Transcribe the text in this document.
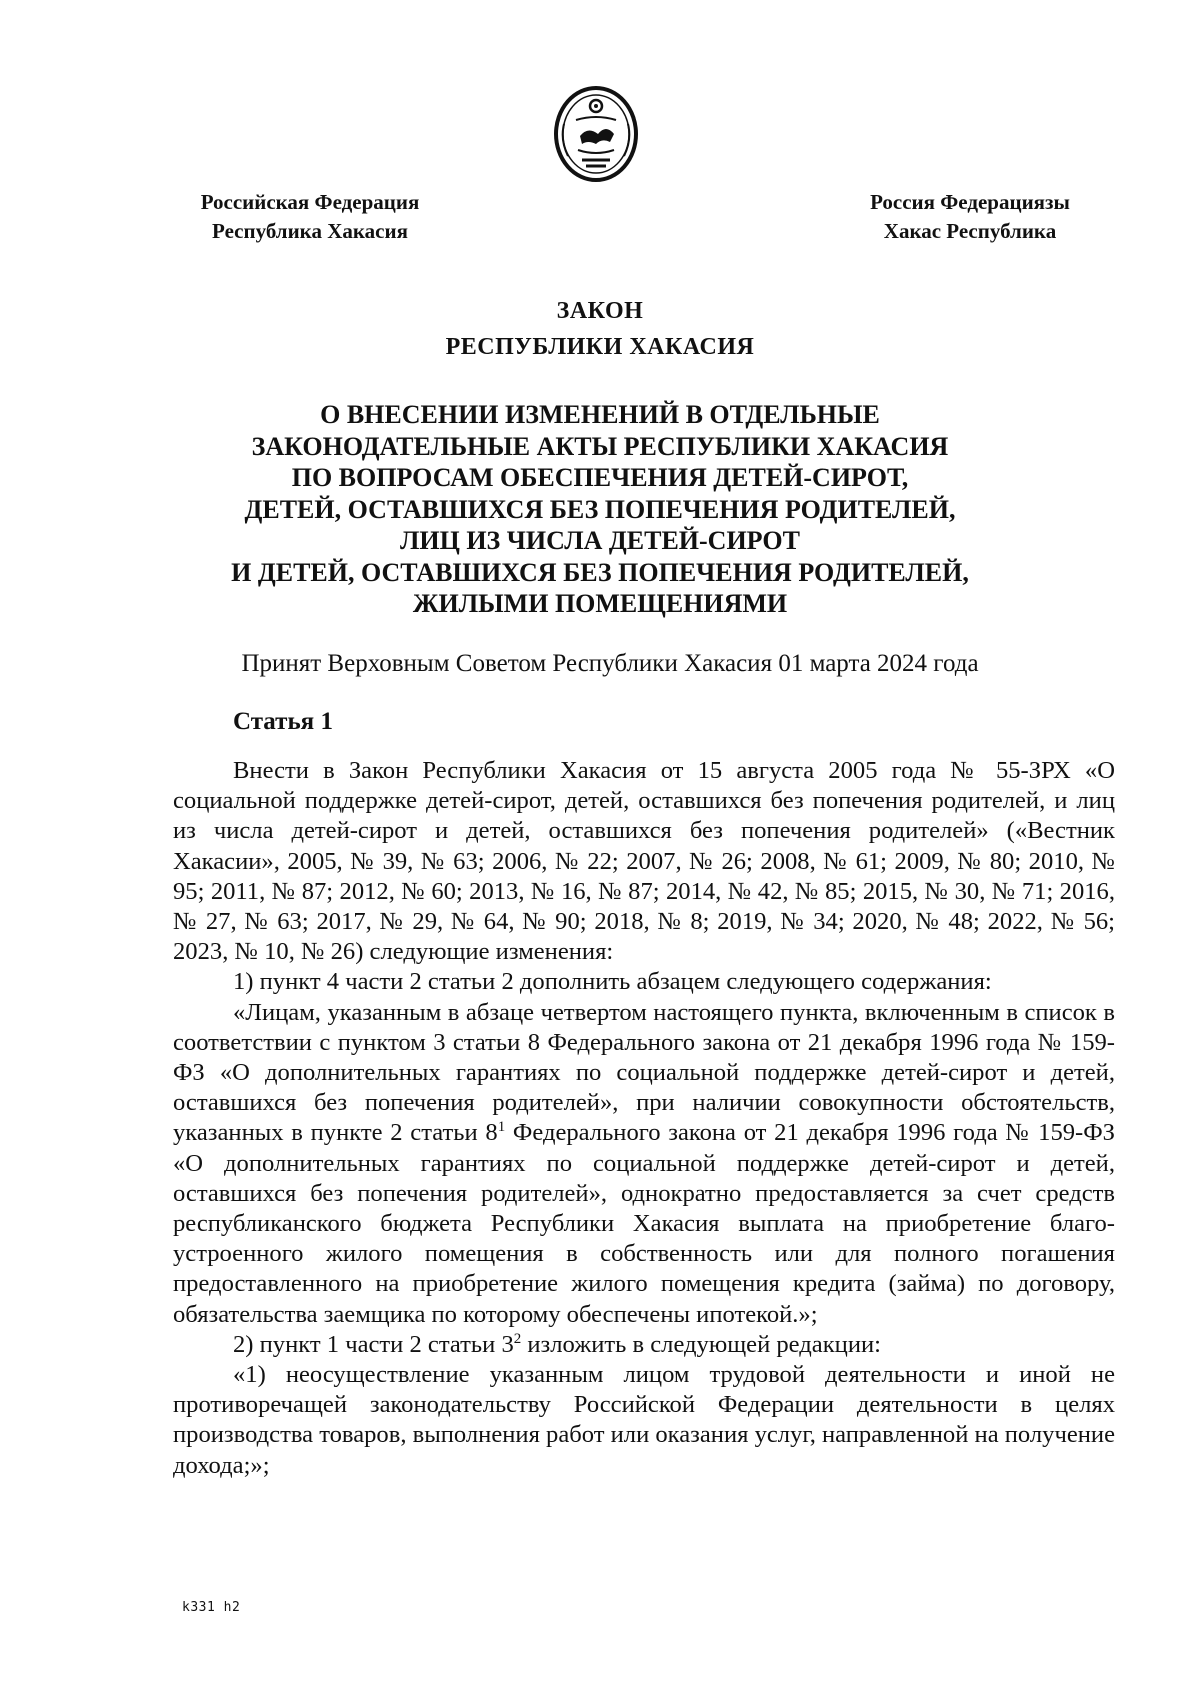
Российская Федерация
Республика Хакасия
Россия Федерациязы
Хакас Республика
ЗАКОН
РЕСПУБЛИКИ ХАКАСИЯ
О ВНЕСЕНИИ ИЗМЕНЕНИЙ В ОТДЕЛЬНЫЕ
ЗАКОНОДАТЕЛЬНЫЕ АКТЫ РЕСПУБЛИКИ ХАКАСИЯ
ПО ВОПРОСАМ ОБЕСПЕЧЕНИЯ ДЕТЕЙ-СИРОТ,
ДЕТЕЙ, ОСТАВШИХСЯ БЕЗ ПОПЕЧЕНИЯ РОДИТЕЛЕЙ,
ЛИЦ ИЗ ЧИСЛА ДЕТЕЙ-СИРОТ
И ДЕТЕЙ, ОСТАВШИХСЯ БЕЗ ПОПЕЧЕНИЯ РОДИТЕЛЕЙ,
ЖИЛЫМИ ПОМЕЩЕНИЯМИ
Принят Верховным Советом Республики Хакасия 01 марта 2024 года
Статья 1

Внести в Закон Республики Хакасия от 15 августа 2005 года № 55-ЗРХ «О социальной поддержке детей-сирот, детей, оставшихся без попечения родителей, и лиц из числа детей-сирот и детей, оставшихся без попечения родителей» («Вестник Хакасии», 2005, № 39, № 63; 2006, № 22; 2007, № 26; 2008, № 61; 2009, № 80; 2010, № 95; 2011, № 87; 2012, № 60; 2013, № 16, № 87; 2014, № 42, № 85; 2015, № 30, № 71; 2016, № 27, № 63; 2017, № 29, № 64, № 90; 2018, № 8; 2019, № 34; 2020, № 48; 2022, № 56; 2023, № 10, № 26) следующие изменения:

1) пункт 4 части 2 статьи 2 дополнить абзацем следующего содержания:

«Лицам, указанным в абзаце четвертом настоящего пункта, включенным в список в соответствии с пунктом 3 статьи 8 Федерального закона от 21 декабря 1996 года № 159-ФЗ «О дополнительных гарантиях по социальной поддержке детей-сирот и детей, оставшихся без попечения родителей», при наличии совокупности обстоятельств, указанных в пункте 2 статьи $8^1$ Федерального закона от 21 декабря 1996 года № 159-ФЗ «О дополнительных гарантиях по социальной поддержке детей-сирот и детей, оставшихся без попечения родителей», однократно предоставляется за счет средств республиканского бюджета Республики Хакасия выплата на приобретение благоустроенного жилого помещения в собственность или для полного погашения предоставленного на приобретение жилого помещения кредита (займа) по договору, обязательства заемщика по которому обеспечены ипотекой.»;

2) пункт 1 части 2 статьи $3^2$ изложить в следующей редакции:

«1) неосуществление указанным лицом трудовой деятельности и иной не противоречащей законодательству Российской Федерации деятельности в целях производства товаров, выполнения работ или оказания услуг, направленной на получение дохода;»;

k331 h2
